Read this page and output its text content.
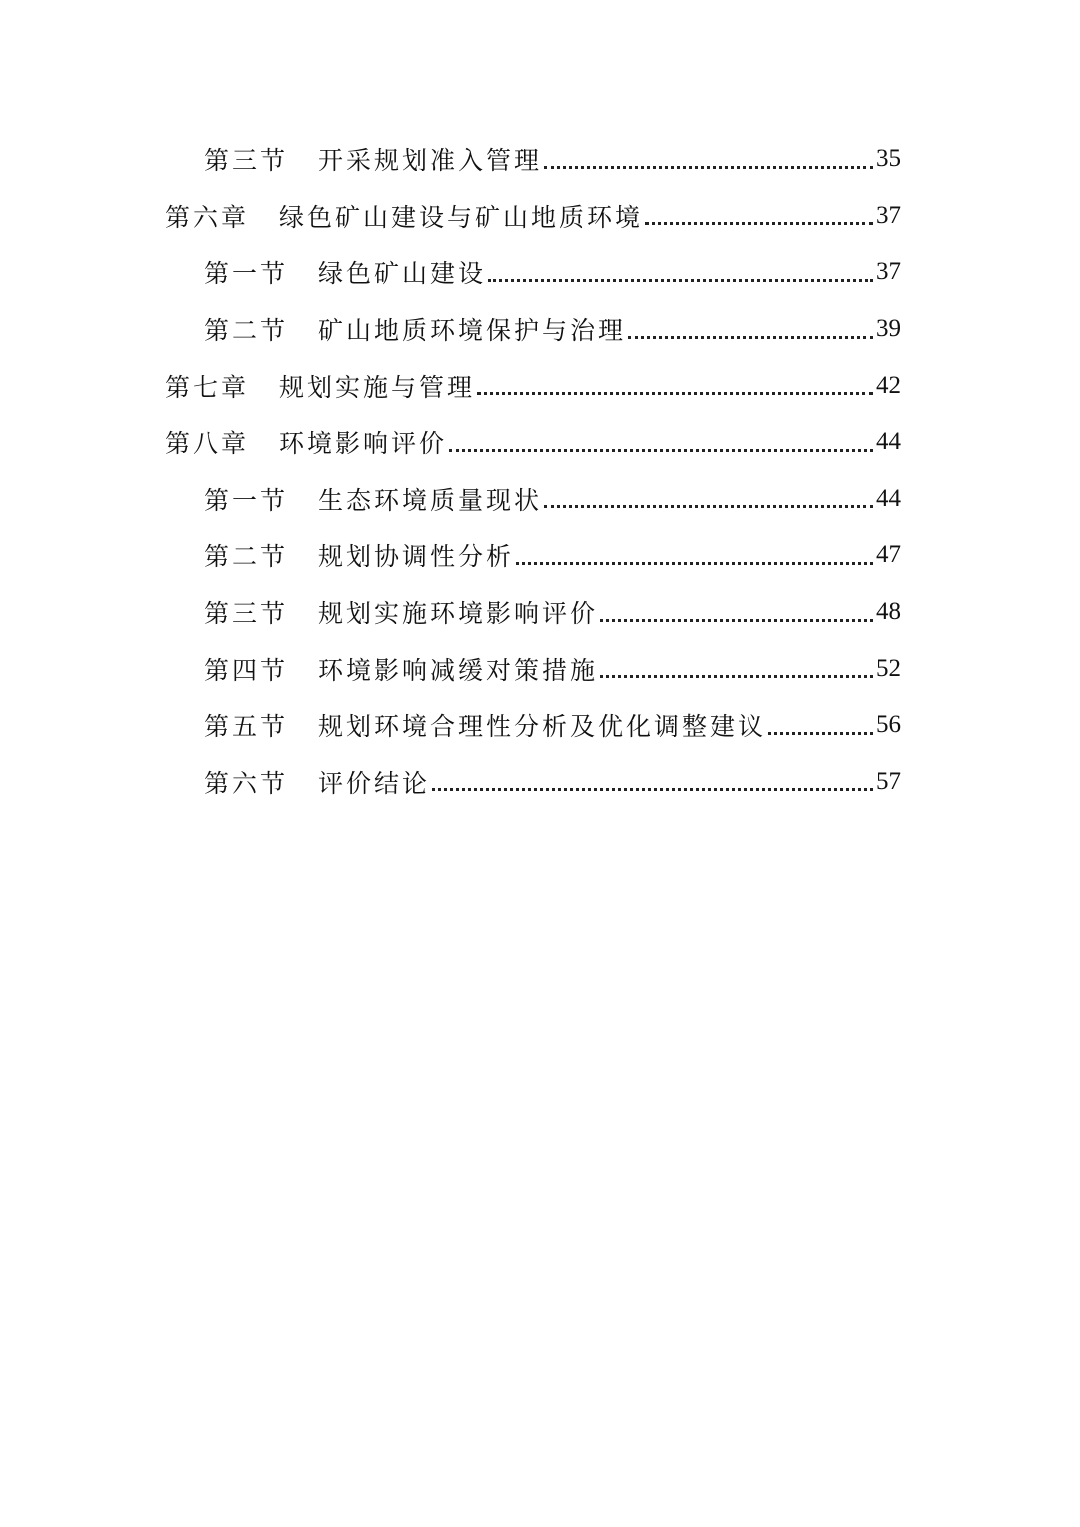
第三节 开采规划准入管理	35
第六章 绿色矿山建设与矿山地质环境	37
第一节 绿色矿山建设	37
第二节 矿山地质环境保护与治理	39
第七章 规划实施与管理	42
第八章 环境影响评价	44
第一节 生态环境质量现状	44
第二节 规划协调性分析	47
第三节 规划实施环境影响评价	48
第四节 环境影响减缓对策措施	52
第五节 规划环境合理性分析及优化调整建议	56
第六节 评价结论	57
